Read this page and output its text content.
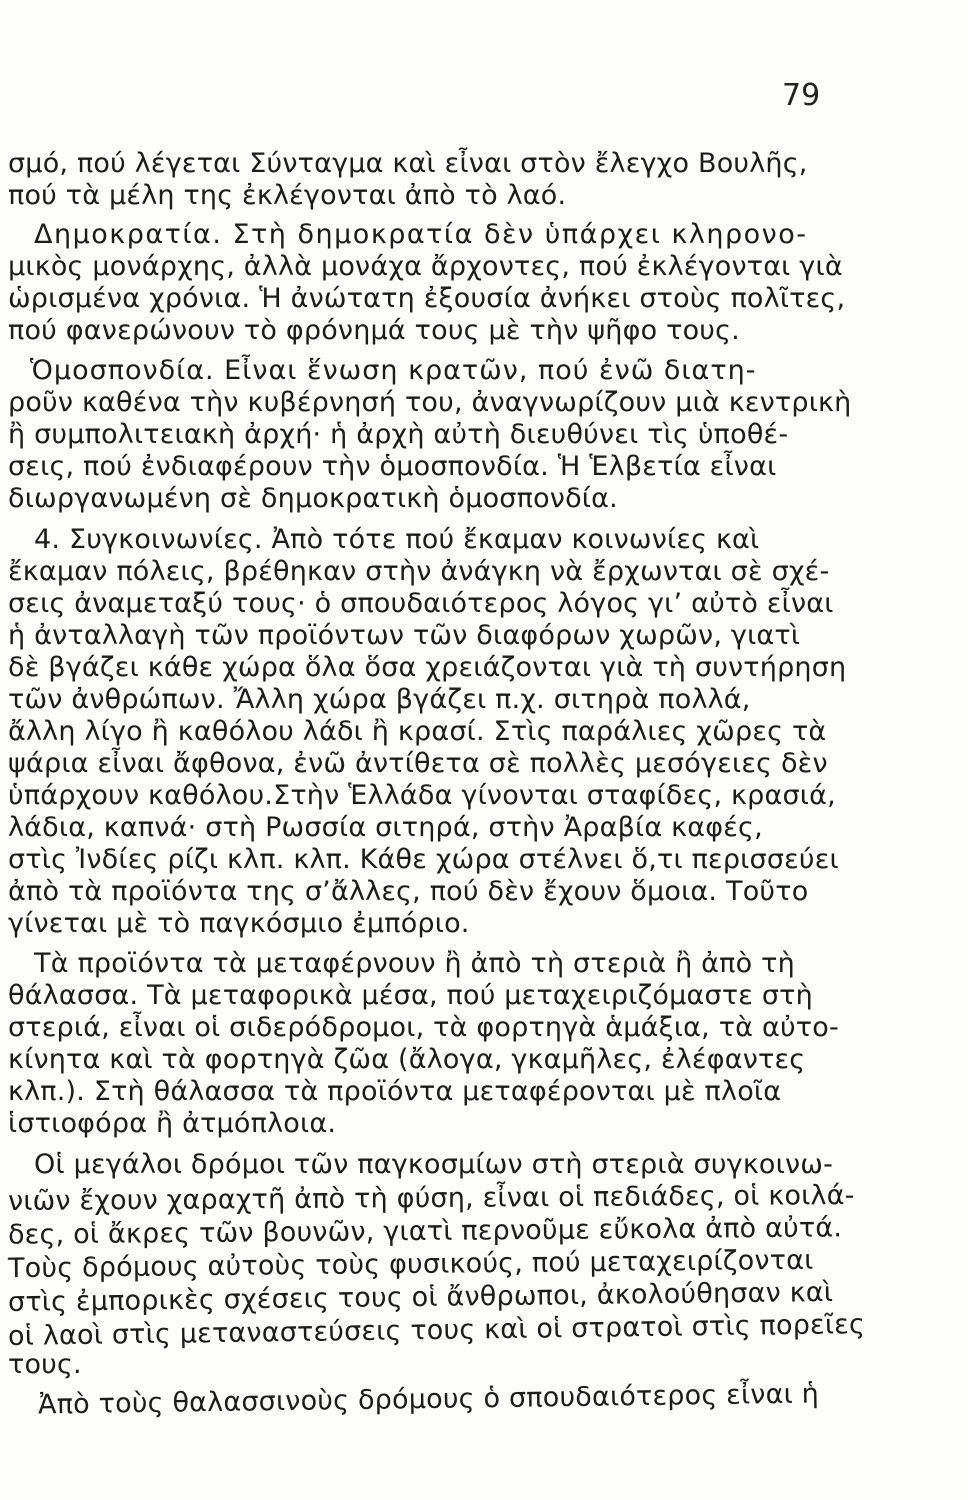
79
σμό, πού λέγεται Σύνταγμα καὶ εἶναι στὸν ἔλεγχο Βουλῆς,
πού τὰ μέλη της ἐκλέγονται ἀπὸ τὸ λαό.
Δημοκρατία. Στὴ δημοκρατία δὲν ὑπάρχει κληρονο-
μικὸς μονάρχης, ἀλλὰ μονάχα ἄρχοντες, πού ἐκλέγονται γιὰ
ὡρισμένα χρόνια. Ἡ ἀνώτατη ἐξουσία ἀνήκει στοὺς πολῖτες,
πού φανερώνουν τὸ φρόνημά τους μὲ τὴν ψῆφο τους.
Ὁμοσπονδία. Εἶναι ἕνωση κρατῶν, πού ἐνῶ διατη-
ροῦν καθένα τὴν κυβέρνησή του, ἀναγνωρίζουν μιὰ κεντρικὴ
ἢ συμπολιτειακὴ ἀρχή· ἡ ἀρχὴ αὐτὴ διευθύνει τὶς ὑποθέ-
σεις, πού ἐνδιαφέρουν τὴν ὁμοσπονδία. Ἡ Ἑλβετία εἶναι
διωργανωμένη σὲ δημοκρατικὴ ὁμοσπονδία.
4. Συγκοινωνίες. Ἀπὸ τότε πού ἔκαμαν κοινωνίες καὶ
ἔκαμαν πόλεις, βρέθηκαν στὴν ἀνάγκη νὰ ἔρχωνται σὲ σχέ-
σεις ἀναμεταξύ τους· ὁ σπουδαιότερος λόγος γι’ αὐτὸ εἶναι
ἡ ἀνταλλαγὴ τῶν προϊόντων τῶν διαφόρων χωρῶν, γιατὶ
δὲ βγάζει κάθε χώρα ὅλα ὅσα χρειάζονται γιὰ τὴ συντήρηση
τῶν ἀνθρώπων. Ἄλλη χώρα βγάζει π.χ. σιτηρὰ πολλά,
ἄλλη λίγο ἢ καθόλου λάδι ἢ κρασί. Στὶς παράλιες χῶρες τὰ
ψάρια εἶναι ἄφθονα, ἐνῶ ἀντίθετα σὲ πολλὲς μεσόγειες δὲν
ὑπάρχουν καθόλου.Στὴν Ἑλλάδα γίνονται σταφίδες, κρασιά,
λάδια, καπνά· στὴ Ρωσσία σιτηρά, στὴν Ἀραβία καφές,
στὶς Ἰνδίες ρίζι κλπ. κλπ. Κάθε χώρα στέλνει ὅ,τι περισσεύει
ἀπὸ τὰ προϊόντα της σ’ἄλλες, πού δὲν ἔχουν ὅμοια. Τοῦτο
γίνεται μὲ τὸ παγκόσμιο ἐμπόριο.
Τὰ προϊόντα τὰ μεταφέρνουν ἢ ἀπὸ τὴ στεριὰ ἢ ἀπὸ τὴ
θάλασσα. Τὰ μεταφορικὰ μέσα, πού μεταχειριζόμαστε στὴ
στεριά, εἶναι οἱ σιδερόδρομοι, τὰ φορτηγὰ ἁμάξια, τὰ αὐτο-
κίνητα καὶ τὰ φορτηγὰ ζῶα (ἄλογα, γκαμῆλες, ἐλέφαντες
κλπ.). Στὴ θάλασσα τὰ προϊόντα μεταφέρονται μὲ πλοῖα
ἱστιοφόρα ἢ ἀτμόπλοια.
Οἱ μεγάλοι δρόμοι τῶν παγκοσμίων στὴ στεριὰ συγκοινω-
νιῶν ἔχουν χαραχτῆ ἀπὸ τὴ φύση, εἶναι οἱ πεδιάδες, οἱ κοιλά-
δες, οἱ ἄκρες τῶν βουνῶν, γιατὶ περνοῦμε εὔκολα ἀπὸ αὐτά.
Τοὺς δρόμους αὐτοὺς τοὺς φυσικούς, πού μεταχειρίζονται
στὶς ἐμπορικὲς σχέσεις τους οἱ ἄνθρωποι, ἀκολούθησαν καὶ
οἱ λαοὶ στὶς μεταναστεύσεις τους καὶ οἱ στρατοὶ στὶς πορεῖες
τους.
Ἀπὸ τοὺς θαλασσινοὺς δρόμους ὁ σπουδαιότερος εἶναι ἡ
